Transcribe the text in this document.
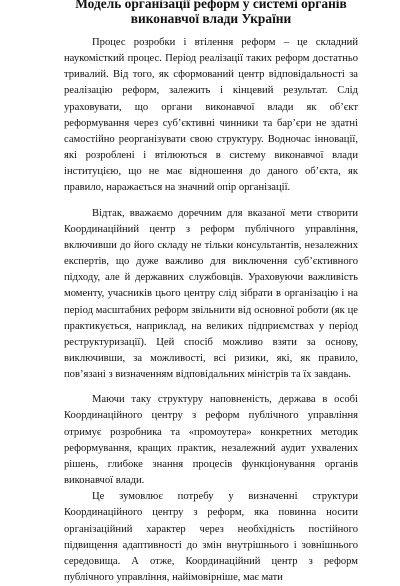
Модель організації реформ у системі органів
виконавчої влади України

Процес розробки і втілення реформ – це складний наукомісткий процес. Період реалізації таких реформ достатньо тривалий. Від того, як сформований центр відповідальності за реалізацію реформ, залежить і кінцевий результат. Слід ураховувати, що органи виконавчої влади як об’єкт реформування через суб’єктивні чинники та бар’єри не здатні самостійно реорганізувати свою структуру. Водночас інновації, які розроблені і втілюються в систему виконавчої влади інституцією, що не має відношення до даного об’єкта, як правило, наражається на значний опір організації.

Відтак, вважаємо доречним для вказаної мети створити Координаційний центр з реформ публічного управління, включивши до його складу не тільки консультантів, незалежних експертів, що дуже важливо для виключення суб’єктивного підходу, але й державних службовців. Ураховуючи важливість моменту, учасників цього центру слід зібрати в організацію і на період масштабних реформ звільнити від основної роботи (як це практикується, наприклад, на великих підприємствах у період реструктуризації). Цей спосіб можливо взяти за основу, виключивши, за можливості, всі ризики, які, як правило, пов’язані з визначенням відповідальних міністрів та їх завдань.

Маючи таку структуру наповненість, держава в особі Координаційного центру з реформ публічного управління отримує розробника та «промоутера» конкретних методик реформування, кращих практик, незалежний аудит ухвалених рішень, глибоке знання процесів функціонування органів виконавчої влади.

Це зумовлює потребу у визначенні структури Координаційного центру з реформ, яка повинна носити організаційний характер через необхідність постійного підвищення адаптивності до змін внутрішнього і зовнішнього середовища. А отже, Координаційний центр з реформ публічного управління, найімовірніше, має мати
